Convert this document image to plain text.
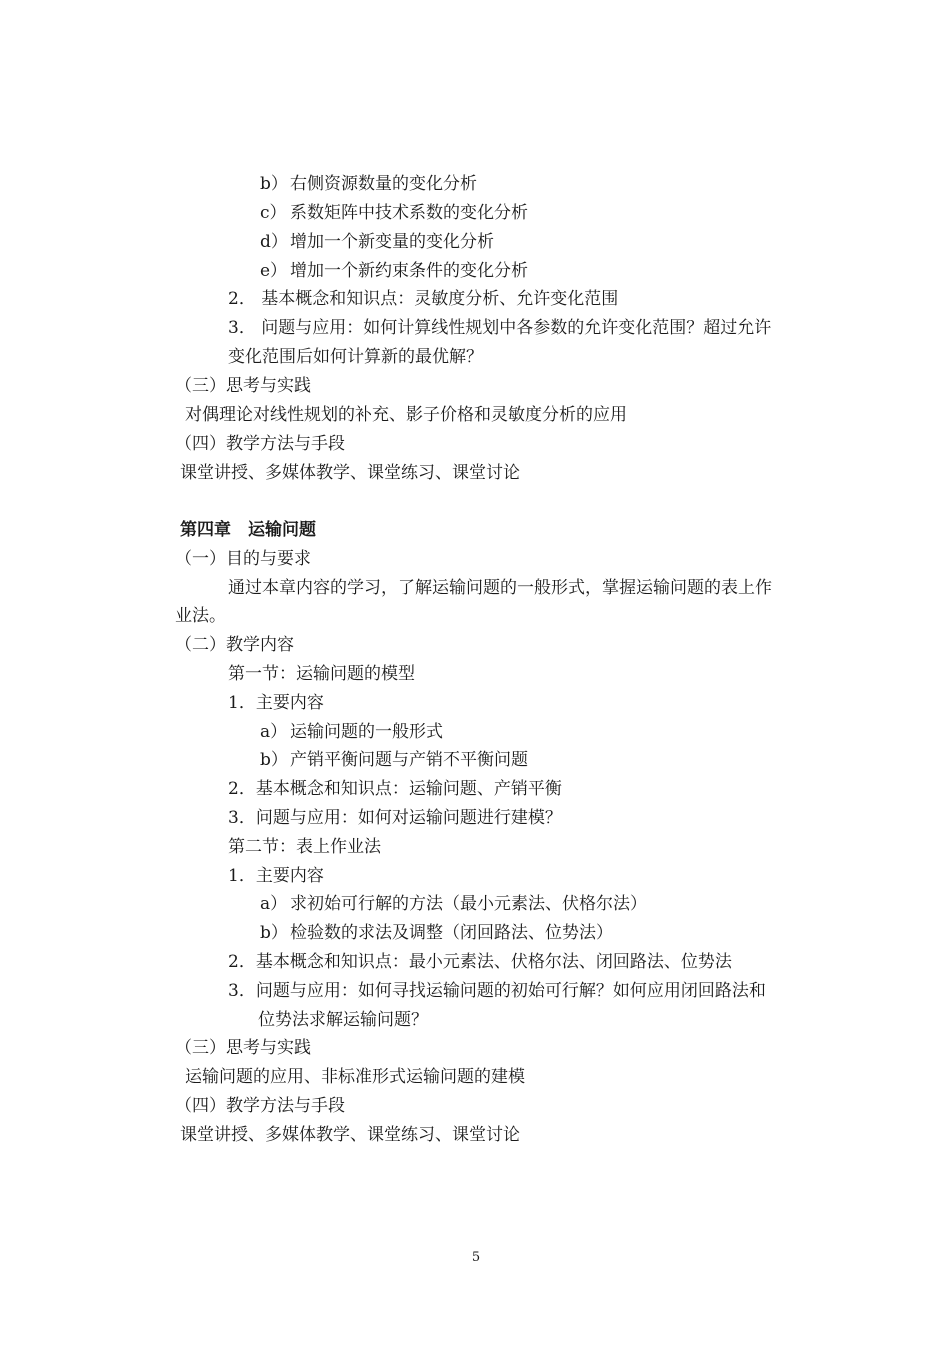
b） 右侧资源数量的变化分析
c） 系数矩阵中技术系数的变化分析
d） 增加一个新变量的变化分析
e） 增加一个新约束条件的变化分析
2． 基本概念和知识点：灵敏度分析、允许变化范围
3． 问题与应用：如何计算线性规划中各参数的允许变化范围？超过允许
变化范围后如何计算新的最优解？
（三）思考与实践
对偶理论对线性规划的补充、影子价格和灵敏度分析的应用
（四）教学方法与手段
课堂讲授、多媒体教学、课堂练习、课堂讨论
第四章　运输问题
（一）目的与要求
通过本章内容的学习，了解运输问题的一般形式，掌握运输问题的表上作
业法。
（二）教学内容
第一节：运输问题的模型
1．主要内容
a） 运输问题的一般形式
b） 产销平衡问题与产销不平衡问题
2．基本概念和知识点：运输问题、产销平衡
3．问题与应用：如何对运输问题进行建模？
第二节：表上作业法
1．主要内容
a） 求初始可行解的方法（最小元素法、伏格尔法）
b） 检验数的求法及调整（闭回路法、位势法）
2．基本概念和知识点：最小元素法、伏格尔法、闭回路法、位势法
3．问题与应用：如何寻找运输问题的初始可行解？如何应用闭回路法和
位势法求解运输问题？
（三）思考与实践
运输问题的应用、非标准形式运输问题的建模
（四）教学方法与手段
课堂讲授、多媒体教学、课堂练习、课堂讨论
5
